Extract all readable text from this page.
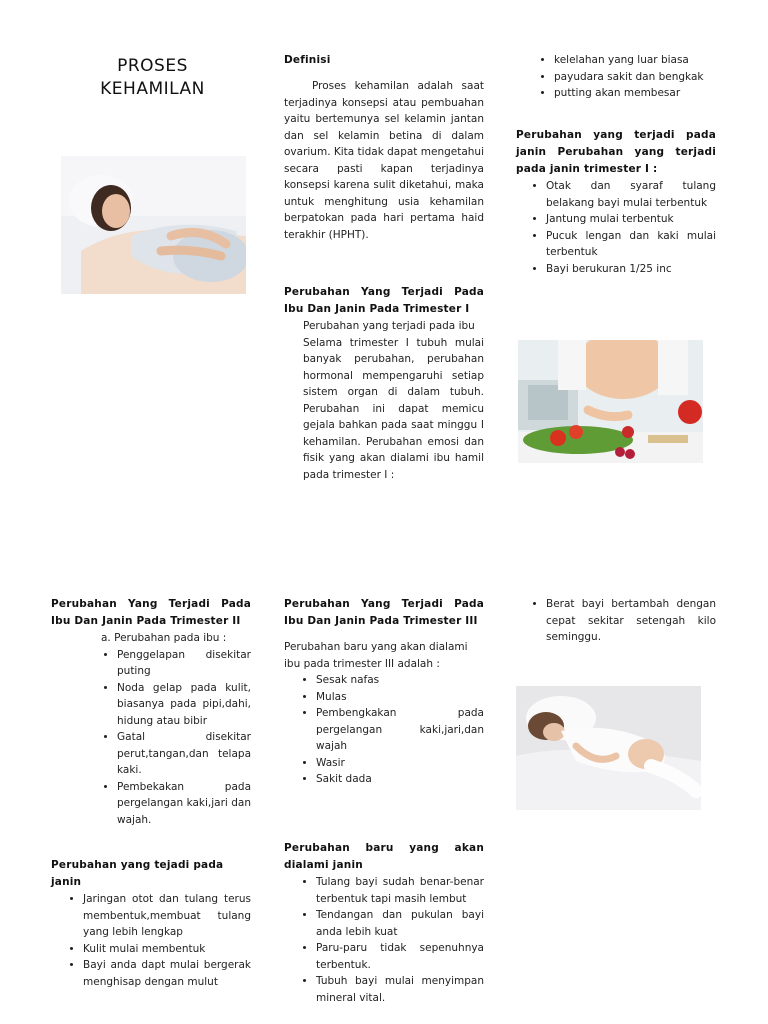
PROSES
KEHAMILAN
Definisi
Proses kehamilan adalah saat terjadinya konsepsi atau pembuahan yaitu bertemunya sel kelamin jantan dan sel kelamin betina di dalam ovarium. Kita tidak dapat mengetahui secara pasti kapan terjadinya konsepsi karena sulit diketahui, maka untuk menghitung usia kehamilan berpatokan pada hari pertama haid terakhir (HPHT).
Perubahan Yang Terjadi Pada Ibu Dan Janin Pada Trimester I
Perubahan yang terjadi pada ibu
Selama trimester I tubuh mulai banyak perubahan, perubahan hormonal mempengaruhi setiap sistem organ di dalam tubuh. Perubahan ini dapat memicu gejala bahkan pada saat minggu I kehamilan. Perubahan emosi dan fisik yang akan dialami ibu hamil pada trimester I :
• kelelahan yang luar biasa
• payudara sakit dan bengkak
• putting akan membesar
Perubahan yang terjadi pada janin Perubahan yang terjadi pada janin trimester I :
• Otak dan syaraf tulang belakang bayi mulai terbentuk
• Jantung mulai terbentuk
• Pucuk lengan dan kaki mulai terbentuk
• Bayi berukuran 1/25 inc
Perubahan Yang Terjadi Pada Ibu Dan Janin Pada Trimester II
a. Perubahan pada ibu :
• Penggelapan disekitar puting
• Noda gelap pada kulit, biasanya pada pipi,dahi, hidung atau bibir
• Gatal disekitar perut,tangan,dan telapa kaki.
• Pembekakan pada pergelangan kaki,jari dan wajah.
Perubahan yang tejadi pada janin
• Jaringan otot dan tulang terus membentuk,membuat tulang yang lebih lengkap
• Kulit mulai membentuk
• Bayi anda dapt mulai bergerak menghisap dengan mulut
Perubahan Yang Terjadi Pada Ibu Dan Janin Pada Trimester III
Perubahan baru yang akan dialami ibu pada trimester III adalah :
• Sesak nafas
• Mulas
• Pembengkakan pada pergelangan kaki,jari,dan wajah
• Wasir
• Sakit dada
Perubahan baru yang akan dialami janin
• Tulang bayi sudah benar-benar terbentuk tapi masih lembut
• Tendangan dan pukulan bayi anda lebih kuat
• Paru-paru tidak sepenuhnya terbentuk.
• Tubuh bayi mulai menyimpan mineral vital.
• Berat bayi bertambah dengan cepat sekitar setengah kilo seminggu.
